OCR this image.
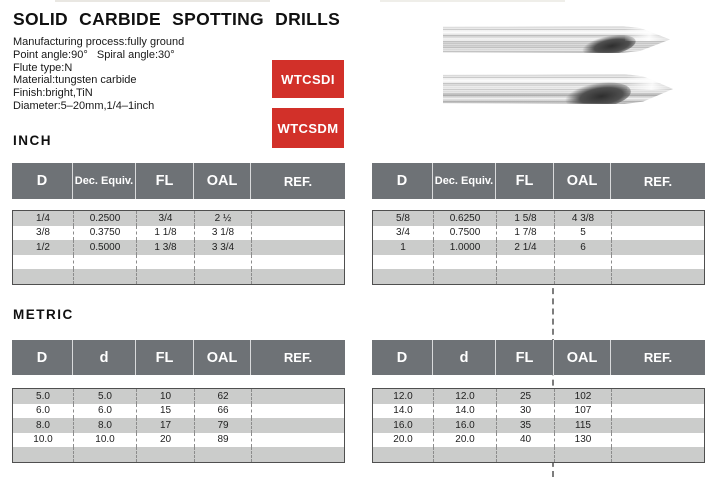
SOLID CARBIDE SPOTTING DRILLS
Manufacturing process:fully ground
Point angle:90°   Spiral angle:30°
Flute type:N
Material:tungsten carbide
Finish:bright,TiN
Diameter:5–20mm,1/4–1inch
WTCSDI
WTCSDM
INCH
D	Dec. Equiv.	FL	OAL	REF.
1/4	0.2500	3/4	2 ½
3/8	0.3750	1 1/8	3 1/8
1/2	0.5000	1 3/8	3 3/4
D	Dec. Equiv.	FL	OAL	REF.
5/8	0.6250	1 5/8	4 3/8
3/4	0.7500	1 7/8	5
1	1.0000	2 1/4	6
METRIC
D	d	FL	OAL	REF.
5.0	5.0	10	62
6.0	6.0	15	66
8.0	8.0	17	79
10.0	10.0	20	89
D	d	FL	OAL	REF.
12.0	12.0	25	102
14.0	14.0	30	107
16.0	16.0	35	115
20.0	20.0	40	130
